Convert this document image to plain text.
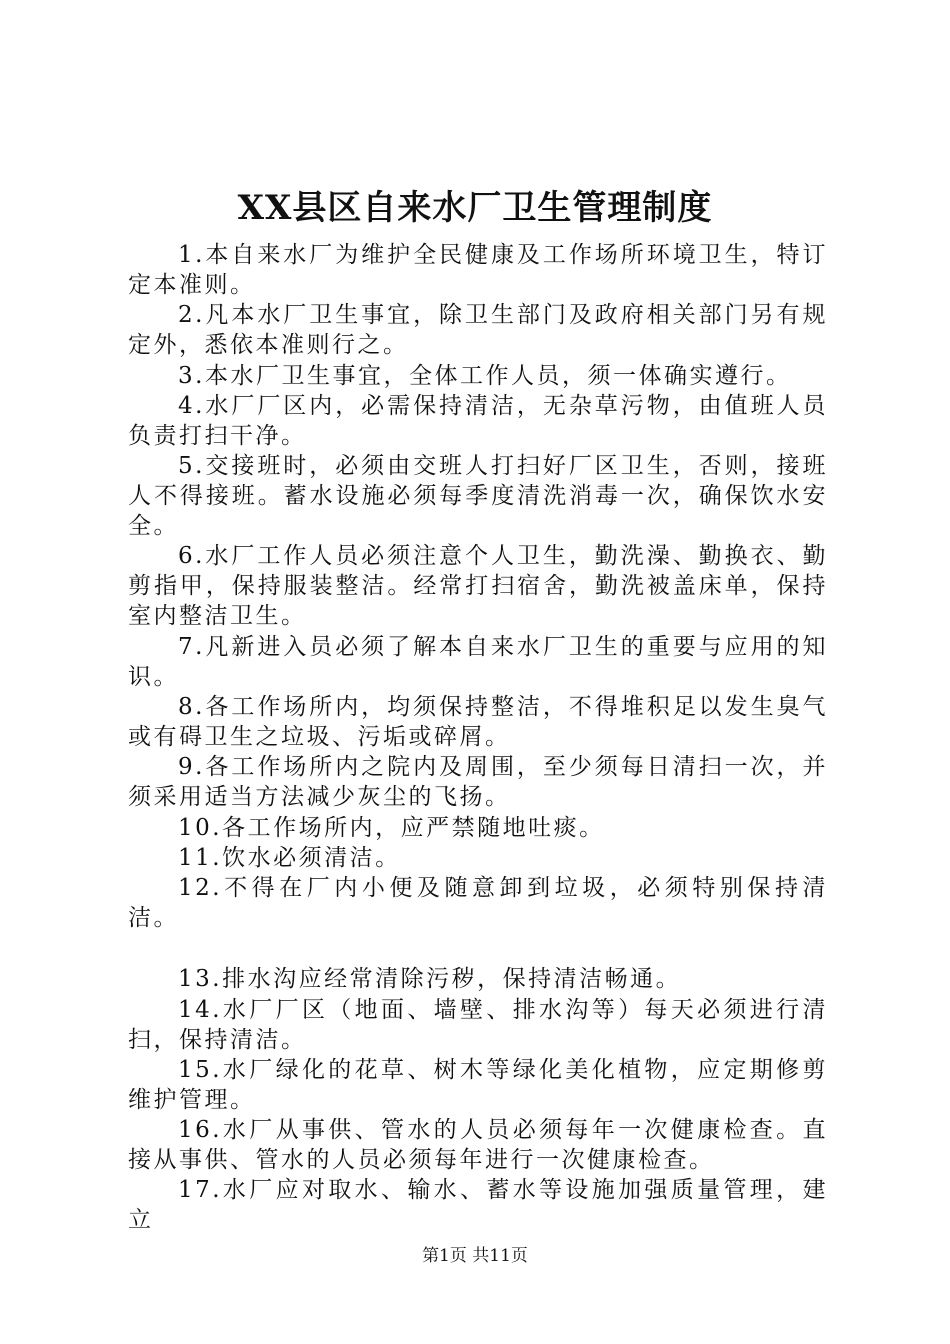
XX县区自来水厂卫生管理制度

1.本自来水厂为维护全民健康及工作场所环境卫生，特订定本准则。

2.凡本水厂卫生事宜，除卫生部门及政府相关部门另有规定外，悉依本准则行之。

3.本水厂卫生事宜，全体工作人员，须一体确实遵行。

4.水厂厂区内，必需保持清洁，无杂草污物，由值班人员负责打扫干净。

5.交接班时，必须由交班人打扫好厂区卫生，否则，接班人不得接班。蓄水设施必须每季度清洗消毒一次，确保饮水安全。

6.水厂工作人员必须注意个人卫生，勤洗澡、勤换衣、勤剪指甲，保持服装整洁。经常打扫宿舍，勤洗被盖床单，保持室内整洁卫生。

7.凡新进入员必须了解本自来水厂卫生的重要与应用的知识。

8.各工作场所内，均须保持整洁，不得堆积足以发生臭气或有碍卫生之垃圾、污垢或碎屑。

9.各工作场所内之院内及周围，至少须每日清扫一次，并须采用适当方法减少灰尘的飞扬。

10.各工作场所内，应严禁随地吐痰。

11.饮水必须清洁。

12.不得在厂内小便及随意卸到垃圾，必须特别保持清洁。

13.排水沟应经常清除污秽，保持清洁畅通。

14.水厂厂区（地面、墙壁、排水沟等）每天必须进行清扫，保持清洁。

15.水厂绿化的花草、树木等绿化美化植物，应定期修剪维护管理。

16.水厂从事供、管水的人员必须每年一次健康检查。直接从事供、管水的人员必须每年进行一次健康检查。

17.水厂应对取水、输水、蓄水等设施加强质量管理，建立

第1页 共11页
